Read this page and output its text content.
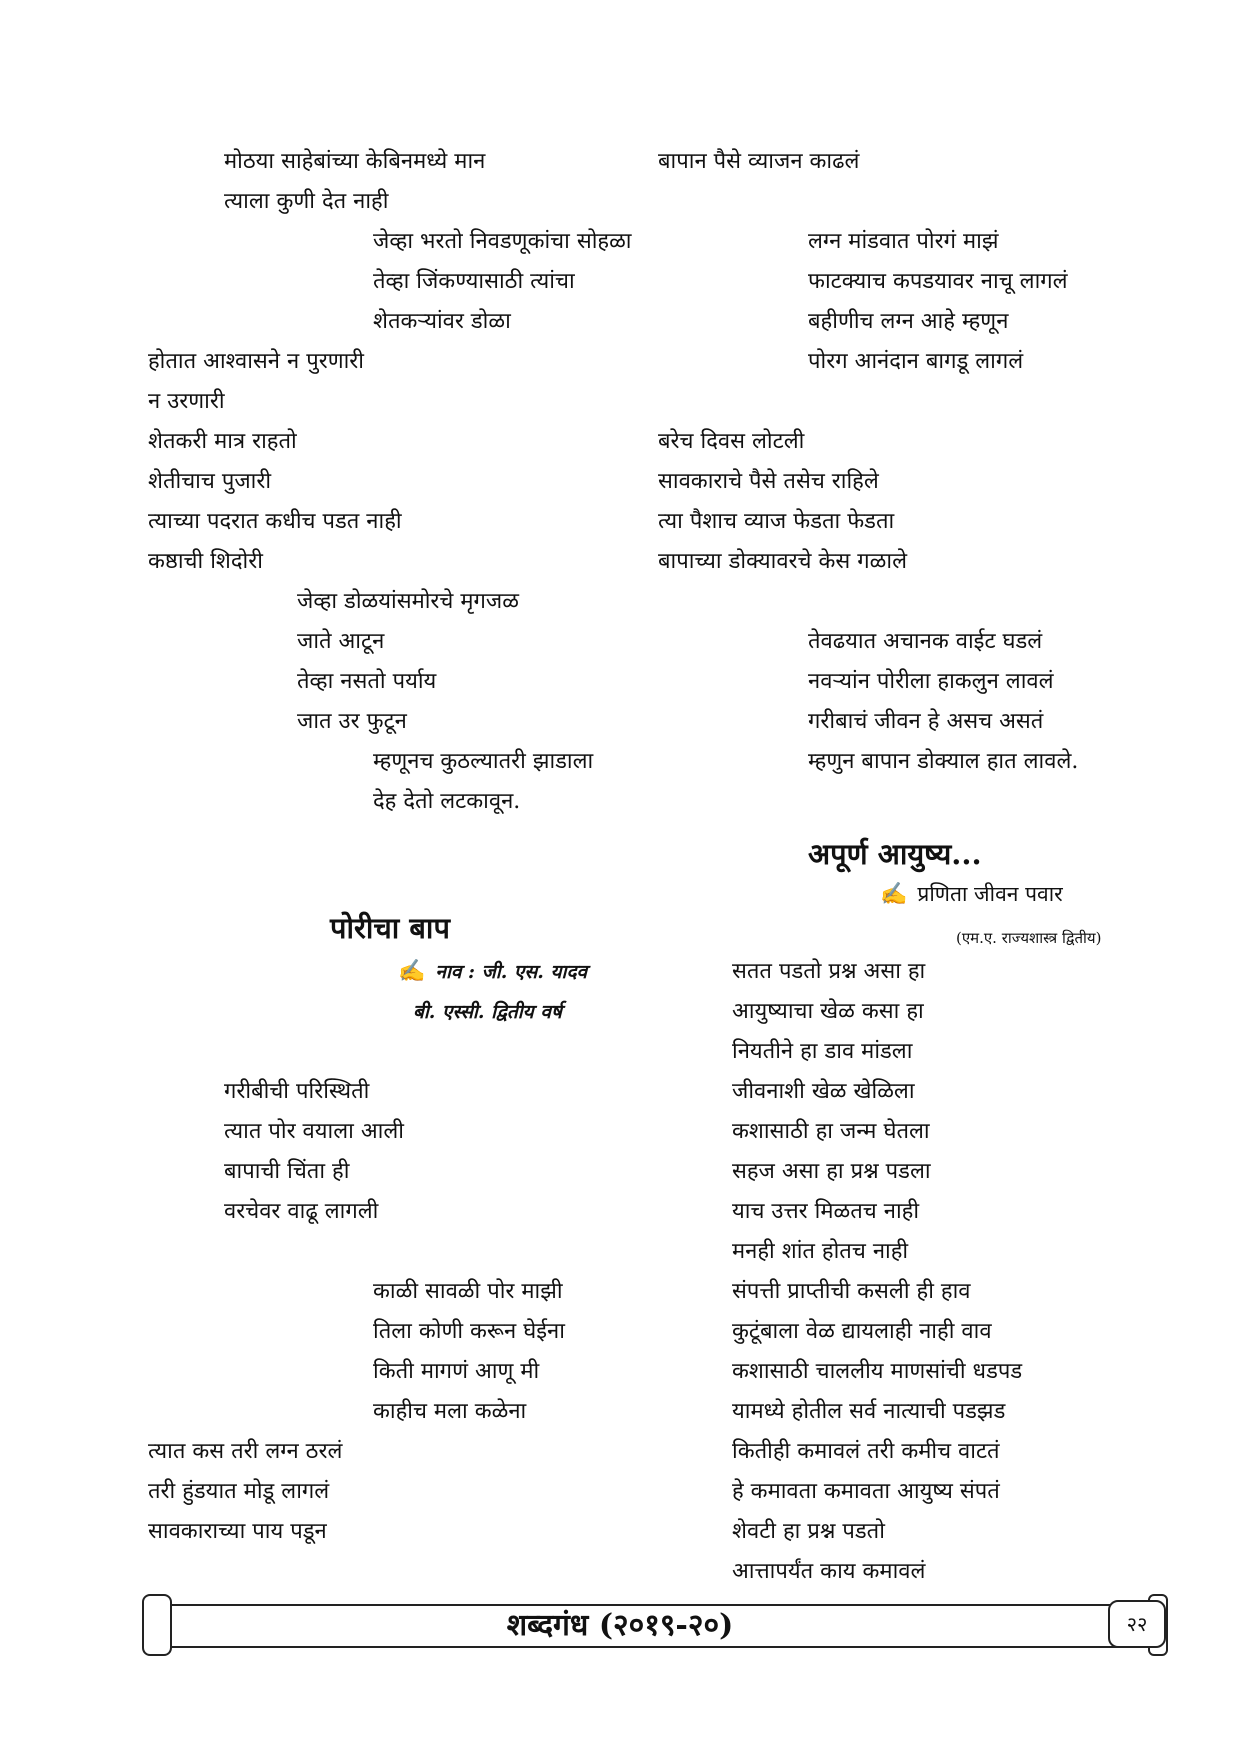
मोठया साहेबांच्या केबिनमध्ये मान
त्याला कुणी देत नाही
जेव्हा भरतो निवडणूकांचा सोहळा
तेव्हा जिंकण्यासाठी त्यांचा
शेतकऱ्यांवर डोळा
होतात आश्वासने न पुरणारी
न उरणारी
शेतकरी मात्र राहतो
शेतीचाच पुजारी
त्याच्या पदरात कधीच पडत नाही
कष्ठाची शिदोरी
जेव्हा डोळयांसमोरचे मृगजळ
जाते आटून
तेव्हा नसतो पर्याय
जात उर फुटून
म्हणूनच कुठल्यातरी झाडाला
देह देतो लटकावून.
बापान पैसे व्याजन काढलं
लग्न मांडवात पोरगं माझं
फाटक्याच कपडयावर नाचू लागलं
बहीणीच लग्न आहे म्हणून
पोरग आनंदान बागडू लागलं
बरेच दिवस लोटली
सावकाराचे पैसे तसेच राहिले
त्या पैशाच व्याज फेडता फेडता
बापाच्या डोक्यावरचे केस गळाले
तेवढयात अचानक वाईट घडलं
नवऱ्यांन पोरीला हाकलुन लावलं
गरीबाचं जीवन हे असच असतं
म्हणुन बापान डोक्याल हात लावले.
अपूर्ण आयुष्य...
✍ प्रणिता जीवन पवार
(एम.ए. राज्यशास्त्र द्वितीय)
पोरीचा बाप
✍ नाव : जी. एस. यादव
बी. एस्सी. द्वितीय वर्ष
गरीबीची परिस्थिती
त्यात पोर वयाला आली
बापाची चिंता ही
वरचेवर वाढू लागली
काळी सावळी पोर माझी
तिला कोणी करून घेईना
किती मागणं आणू मी
काहीच मला कळेना
त्यात कस तरी लग्न ठरलं
तरी हुंडयात मोडू लागलं
सावकाराच्या पाय पडून
सतत पडतो प्रश्न असा हा
आयुष्याचा खेळ कसा हा
नियतीने हा डाव मांडला
जीवनाशी खेळ खेळिला
कशासाठी हा जन्म घेतला
सहज असा हा प्रश्न पडला
याच उत्तर मिळतच नाही
मनही शांत होतच नाही
संपत्ती प्राप्तीची कसली ही हाव
कुटूंबाला वेळ द्यायलाही नाही वाव
कशासाठी चाललीय माणसांची धडपड
यामध्ये होतील सर्व नात्याची पडझड
कितीही कमावलं तरी कमीच वाटतं
हे कमावता कमावता आयुष्य संपतं
शेवटी हा प्रश्न पडतो
आत्तापर्यंत काय कमावलं
शब्दगंध (२०१९-२०)	२२
